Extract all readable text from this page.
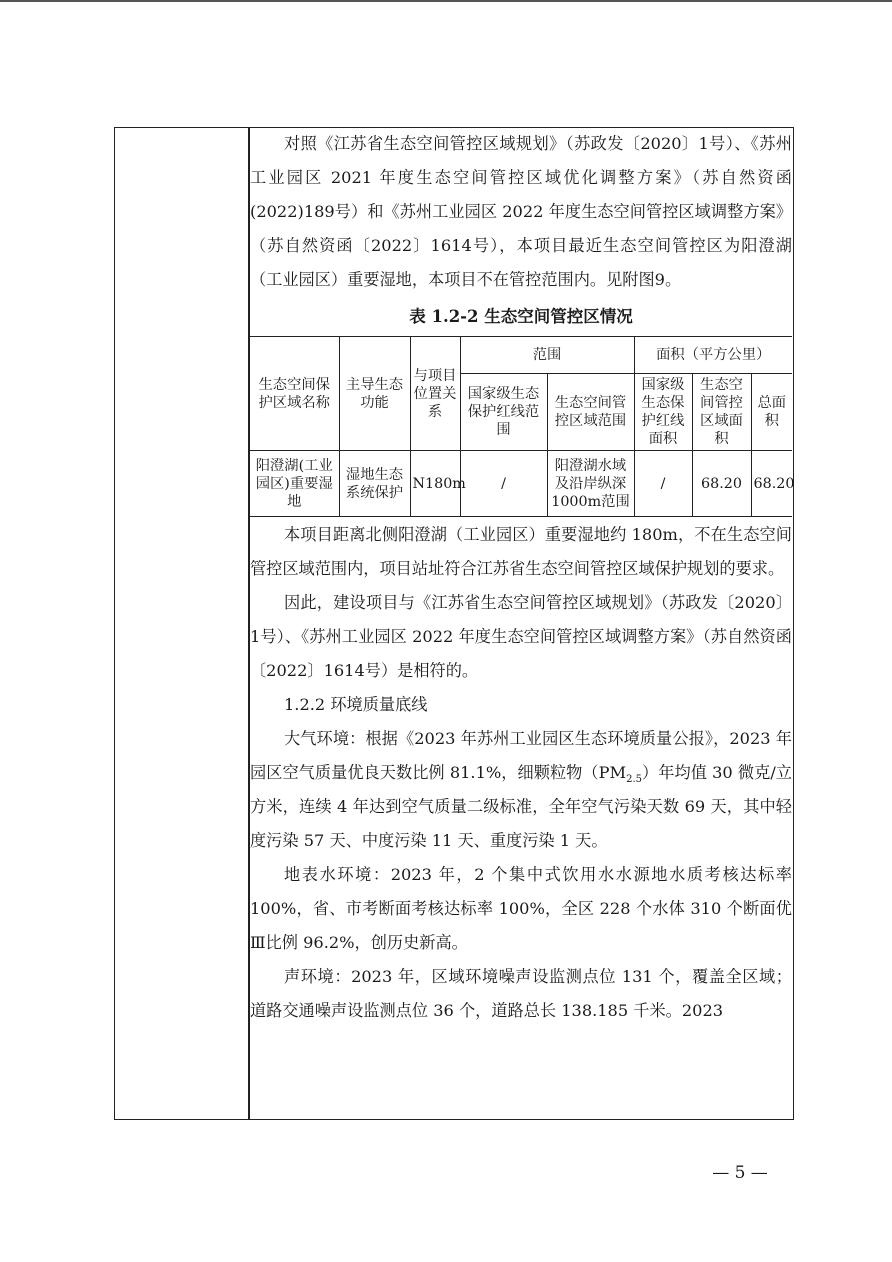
对照《江苏省生态空间管控区域规划》（苏政发〔2020〕1号）、《苏州工业园区 2021 年度生态空间管控区域优化调整方案》（苏自然资函(2022)189号）和《苏州工业园区 2022 年度生态空间管控区域调整方案》（苏自然资函〔2022〕1614号），本项目最近生态空间管控区为阳澄湖（工业园区）重要湿地，本项目不在管控范围内。见附图9。

表 1.2-2 生态空间管控区情况
生态空间保护区域名称	主导生态功能	与项目位置关系	范围		面积（平方公里）		
			国家级生态保护红线范围	生态空间管控区域范围	国家级生态保护红线面积	生态空间管控区域面积	总面积
阳澄湖(工业园区)重要湿地	湿地生态系统保护	N180m	/	阳澄湖水域及沿岸纵深1000m范围	/	68.20	68.20

本项目距离北侧阳澄湖（工业园区）重要湿地约 180m，不在生态空间管控区域范围内，项目站址符合江苏省生态空间管控区域保护规划的要求。

因此，建设项目与《江苏省生态空间管控区域规划》（苏政发〔2020〕1号）、《苏州工业园区 2022 年度生态空间管控区域调整方案》（苏自然资函〔2022〕1614号）是相符的。

1.2.2 环境质量底线

大气环境：根据《2023 年苏州工业园区生态环境质量公报》，2023 年园区空气质量优良天数比例 81.1%，细颗粒物$(PM_{2.5})$年均值 30 微克/立方米，连续 4 年达到空气质量二级标准，全年空气污染天数 69 天，其中轻度污染 57 天、中度污染 11 天、重度污染 1 天。

地表水环境：2023 年，2 个集中式饮用水水源地水质考核达标率 100%，省、市考断面考核达标率 100%，全区 228 个水体 310 个断面优Ⅲ比例 96.2%，创历史新高。

声环境：2023 年，区域环境噪声设监测点位 131 个，覆盖全区域；道路交通噪声设监测点位 36 个，道路总长 138.185 千米。2023

— 5 —
